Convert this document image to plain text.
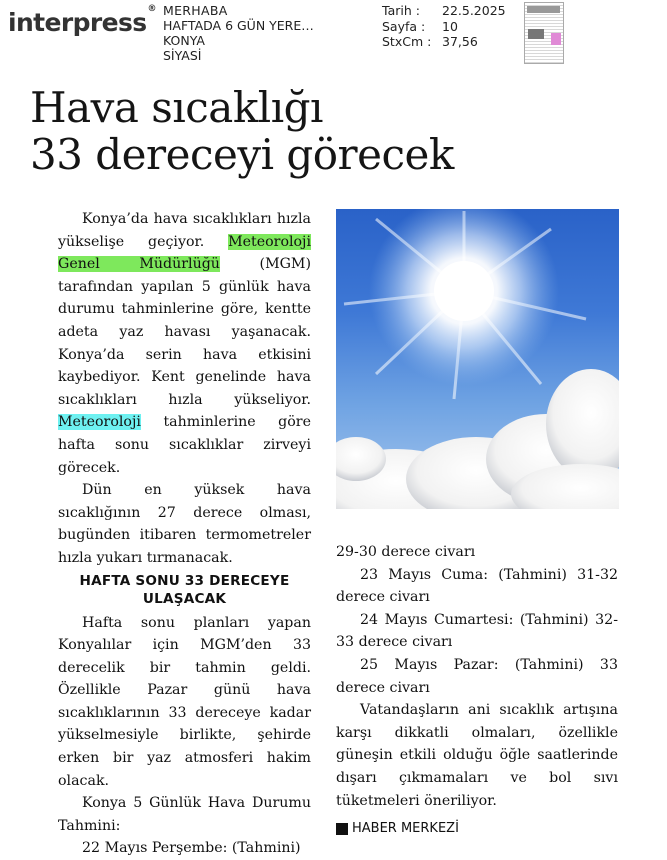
interpress® MERHABA
HAFTADA 6 GÜN YERE…
KONYA
SİYASİ
Tarih :	22.5.2025
Sayfa :	10
StxCm : 37,56
Hava sıcaklığı
33 dereceyi görecek

Konya’da hava sıcaklıkları hızla yükselişe geçiyor. Meteoroloji Genel Müdürlüğü (MGM) tarafından yapılan 5 günlük hava durumu tahminlerine göre, kentte adeta yaz havası yaşanacak. Konya’da serin hava etkisini kaybediyor. Kent genelinde hava sıcaklıkları hızla yükseliyor. Meteoroloji tahminlerine göre hafta sonu sıcaklıklar zirveyi görecek.

Dün en yüksek hava sıcaklığının 27 derece olması, bugünden itibaren termometreler hızla yukarı tırmanacak.

HAFTA SONU 33 DERECEYE ULAŞACAK

Hafta sonu planları yapan Konyalılar için MGM’den 33 derecelik bir tahmin geldi. Özellikle Pazar günü hava sıcaklıklarının 33 dereceye kadar yükselmesiyle birlikte, şehirde erken bir yaz atmosferi hakim olacak.

Konya 5 Günlük Hava Durumu Tahmini:

22 Mayıs Perşembe: (Tahmini)

29-30 derece civarı

23 Mayıs Cuma: (Tahmini) 31-32 derece civarı

24 Mayıs Cumartesi: (Tahmini) 32-33 derece civarı

25 Mayıs Pazar: (Tahmini) 33 derece civarı

Vatandaşların ani sıcaklık artışına karşı dikkatli olmaları, özellikle güneşin etkili olduğu öğle saatlerinde dışarı çıkmamaları ve bol sıvı tüketmeleri öneriliyor.

HABER MERKEZİ
